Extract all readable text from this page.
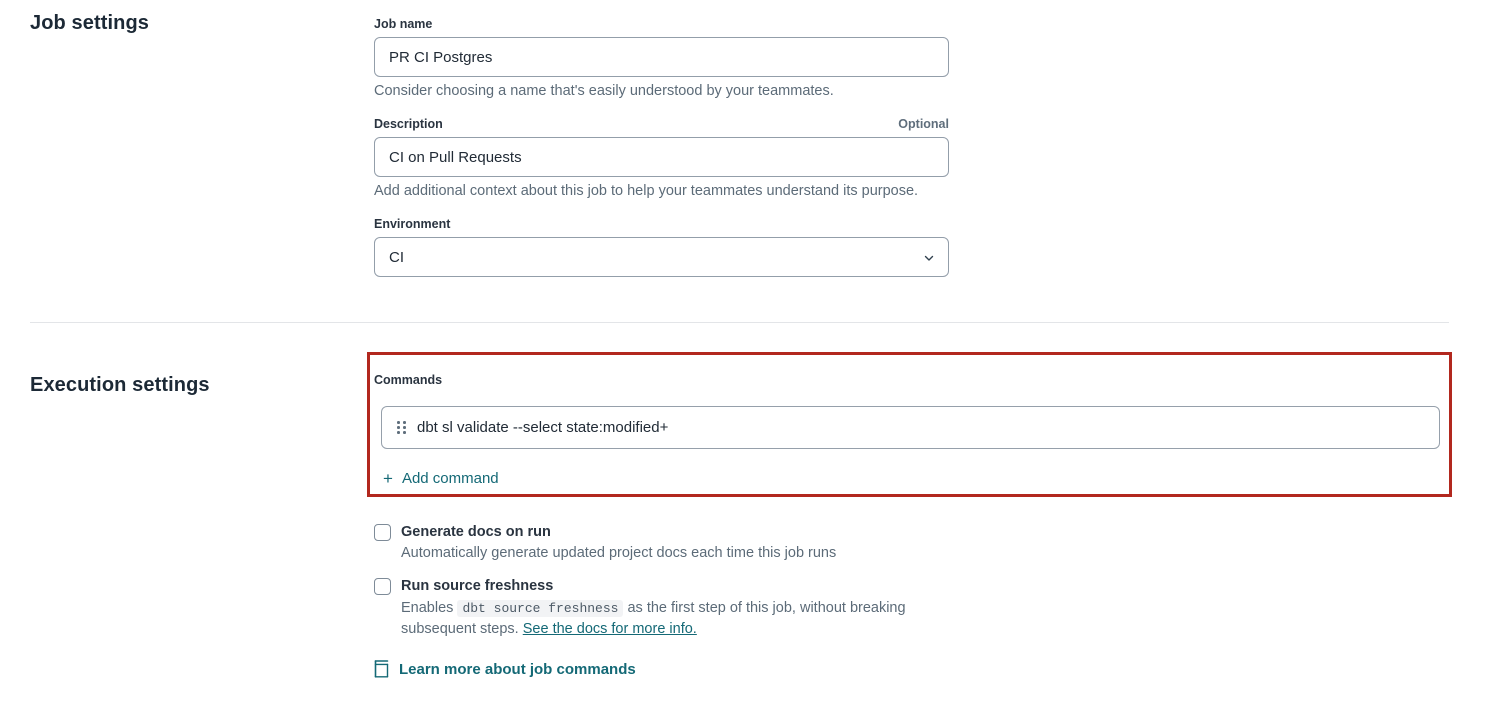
Job settings	Job name
PR CI Postgres
Consider choosing a name that's easily understood by your teammates.
Description	Optional
CI on Pull Requests
Add additional context about this job to help your teammates understand its purpose.
Environment
CI
Execution settings	Commands
dbt sl validate --select state:modified+
+ Add command
Generate docs on run
Automatically generate updated project docs each time this job runs
Run source freshness

Enables dbt source freshness as the first step of this job, without breaking subsequent steps. See the docs for more info.

Learn more about job commands
